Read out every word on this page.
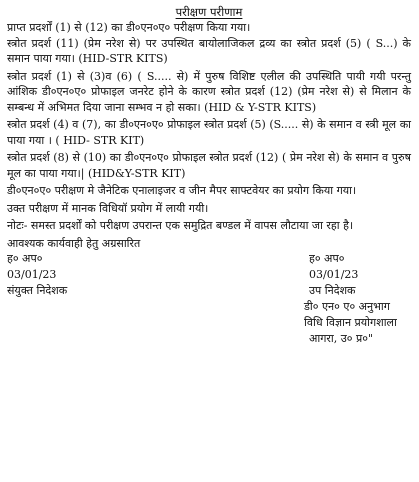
परीक्षण परीणाम

प्राप्त प्रदर्शों (1) से (12) का डी०एन०ए० परीक्षण किया गया।

स्त्रोत प्रदर्श (11) (प्रेम नरेश से) पर उपस्थित बायोलाजिकल द्रव्य का स्त्रोत प्रदर्श (5) ( S...) के समान पाया गया। (HID-STR KITS)

स्त्रोत प्रदर्श (1) से (3)व (6) ( S..... से) में पुरुष विशिष्ट एलील की उपस्थिति पायी गयी परन्तु आंशिक डी०एन०ए० प्रोफाइल जनरेट होने के कारण स्त्रोत प्रदर्श (12) (प्रेम नरेश से) से मिलान के सम्बन्ध में अभिमत दिया जाना सम्भव न हो सका। (HID & Y-STR KITS)

स्त्रोत प्रदर्श (4) व (7), का डी०एन०ए० प्रोफाइल स्त्रोत प्रदर्श (5) (S..... से) के समान व स्त्री मूल का पाया गया । ( HID- STR KIT)

स्त्रोत प्रदर्श (8) से (10) का डी०एन०ए० प्रोफाइल स्त्रोत प्रदर्श (12) ( प्रेम नरेश से) के समान व पुरुष मूल का पाया गया।| (HID&Y-STR KIT)

डी०एन०ए० परीक्षण मे जैनेटिक एनालाइजर व जीन मैपर साफ्टवेयर का प्रयोग किया गया।

उक्त परीक्षण में मानक विधियॉ प्रयोग में लायी गयी।

नोटः- समस्त प्रदर्शों को परीक्षण उपरान्त एक समुद्रित बण्डल में वापस लौटाया जा रहा है।

आवश्यक कार्यवाही हेतु अग्रसारित

ह० अप०
03/01/23
संयुक्त निदेशक
ह० अप०
03/01/23
उप निदेशक
डी० एन० ए० अनुभाग
विधि विज्ञान प्रयोगशाला
आगरा, उ० प्र०"
